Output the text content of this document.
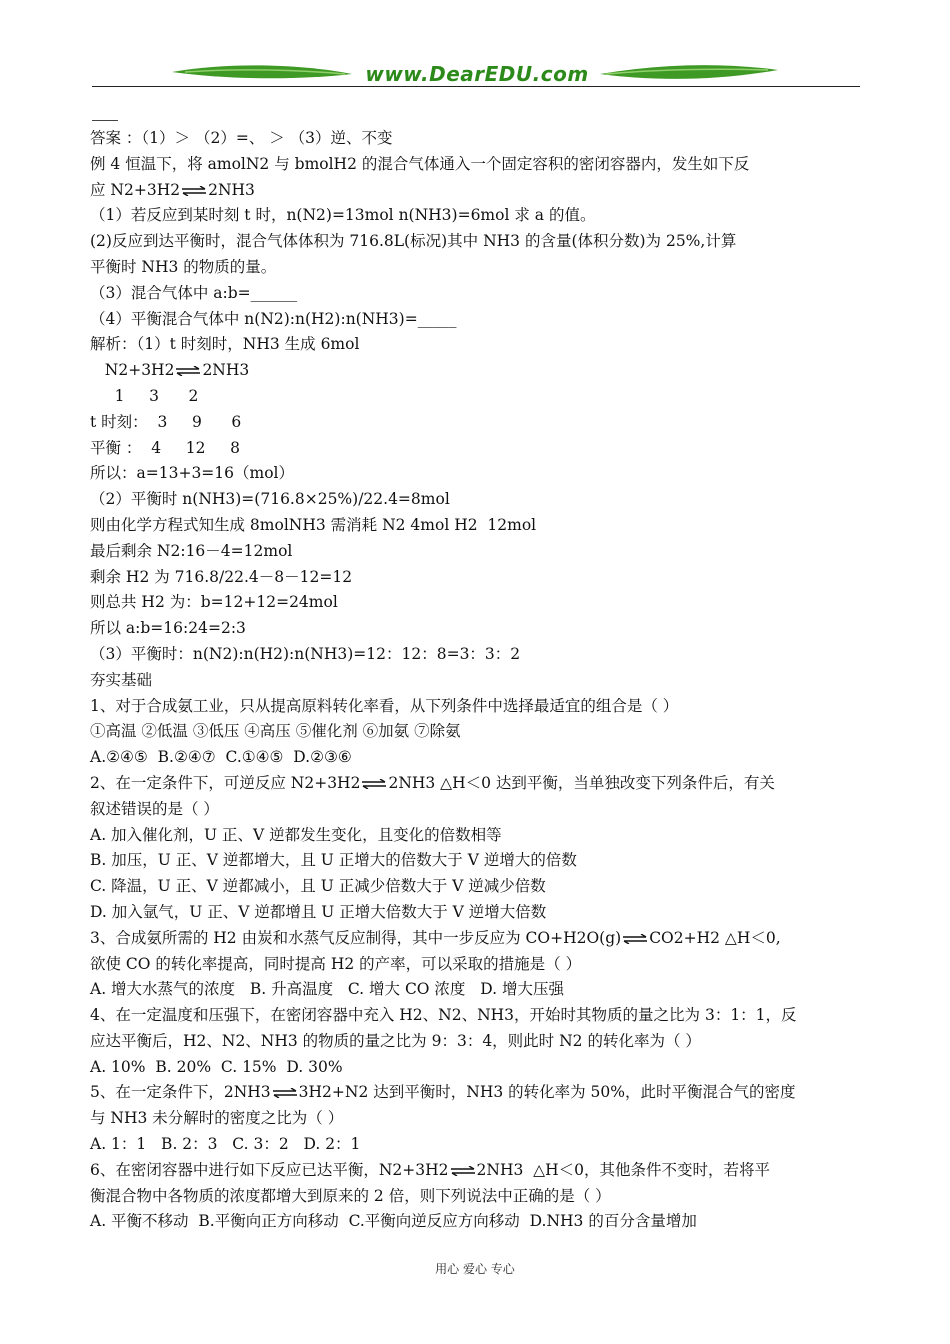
www.DearEDU.com
答案 ：（1）＞ （2）=、 ＞ （3）逆、不变
例 4 恒温下，将 amolN2 与 bmolH2 的混合气体通入一个固定容积的密闭容器内，发生如下反
应 N2+3H2⇌2NH3
（1）若反应到某时刻 t 时，n(N2)=13mol n(NH3)=6mol 求 a 的值。
(2)反应到达平衡时，混合气体体积为 716.8L(标况)其中 NH3 的含量(体积分数)为 25%,计算
平衡时 NH3 的物质的量。
（3）混合气体中 a:b=______
（4）平衡混合气体中 n(N2):n(H2):n(NH3)=_____
解析：（1）t 时刻时，NH3 生成 6mol
N2+3H2⇌2NH3
1     3      2
t 时刻：  3     9      6
平衡 ：  4     12     8
所以：a=13+3=16（mol）
（2）平衡时 n(NH3)=(716.8×25%)/22.4=8mol
则由化学方程式知生成 8molNH3 需消耗 N2 4mol H2  12mol
最后剩余 N2:16－4=12mol
剩余 H2 为 716.8/22.4－8－12=12
则总共 H2 为：b=12+12=24mol
所以 a:b=16:24=2:3
（3）平衡时：n(N2):n(H2):n(NH3)=12：12：8=3：3：2
夯实基础
1、对于合成氨工业，只从提高原料转化率看，从下列条件中选择最适宜的组合是（ ）
①高温 ②低温 ③低压 ④高压 ⑤催化剂 ⑥加氨 ⑦除氨
A.②④⑤  B.②④⑦  C.①④⑤  D.②③⑥
2、在一定条件下，可逆反应 N2+3H2⇌2NH3 △H＜0 达到平衡，当单独改变下列条件后，有关
叙述错误的是（ ）
A. 加入催化剂，U 正、V 逆都发生变化，且变化的倍数相等
B. 加压，U 正、V 逆都增大，且 U 正增大的倍数大于 V 逆增大的倍数
C. 降温，U 正、V 逆都减小，且 U 正减少倍数大于 V 逆减少倍数
D. 加入氩气，U 正、V 逆都增且 U 正增大倍数大于 V 逆增大倍数
3、合成氨所需的 H2 由炭和水蒸气反应制得，其中一步反应为 CO+H2O(g)⇌CO2+H2 △H＜0,
欲使 CO 的转化率提高，同时提高 H2 的产率，可以采取的措施是（ ）
A. 增大水蒸气的浓度   B. 升高温度   C. 增大 CO 浓度   D. 增大压强
4、在一定温度和压强下，在密闭容器中充入 H2、N2、NH3，开始时其物质的量之比为 3：1：1，反
应达平衡后，H2、N2、NH3 的物质的量之比为 9：3：4，则此时 N2 的转化率为（ ）
A. 10%  B. 20%  C. 15%  D. 30%
5、在一定条件下，2NH3⇌3H2+N2 达到平衡时，NH3 的转化率为 50%，此时平衡混合气的密度
与 NH3 未分解时的密度之比为（ ）
A. 1：1   B. 2：3   C. 3：2   D. 2：1
6、在密闭容器中进行如下反应已达平衡，N2+3H2⇌2NH3  △H＜0，其他条件不变时，若将平
衡混合物中各物质的浓度都增大到原来的 2 倍，则下列说法中正确的是（ ）
A. 平衡不移动  B.平衡向正方向移动  C.平衡向逆反应方向移动  D.NH3 的百分含量增加
用心 爱心 专心
